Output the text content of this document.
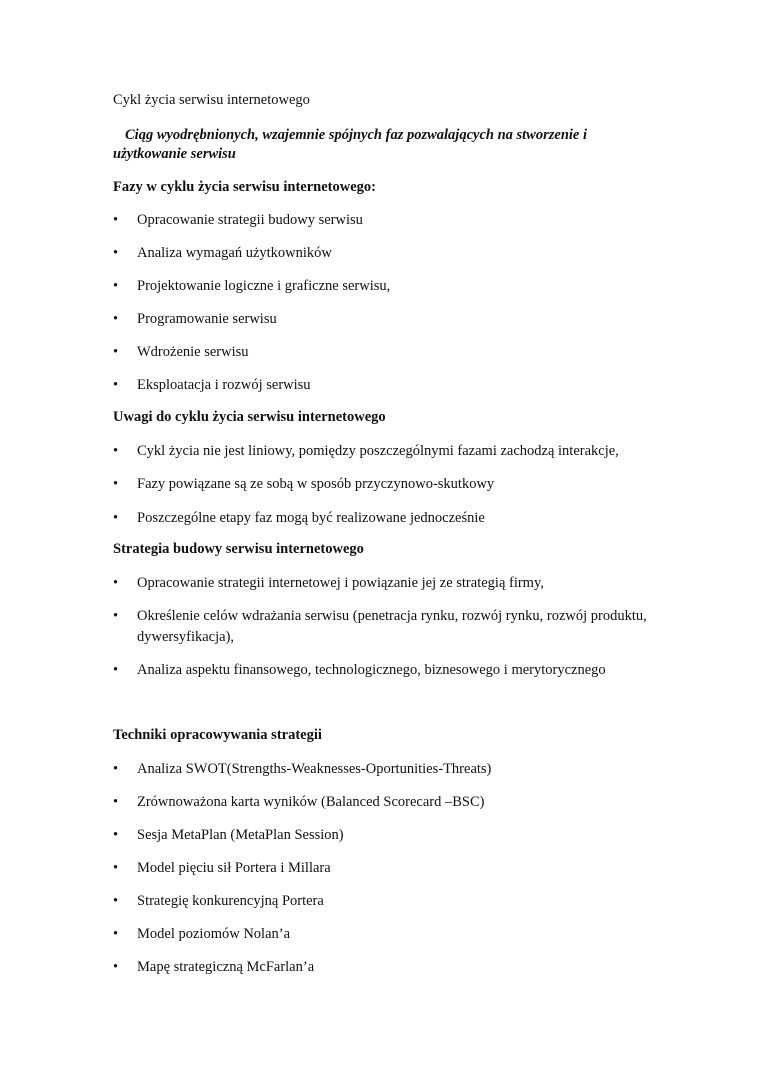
Cykl życia serwisu internetowego
Ciąg wyodrębnionych, wzajemnie spójnych faz pozwalających na stworzenie i użytkowanie serwisu
Fazy w cyklu życia serwisu internetowego:
• Opracowanie strategii budowy serwisu
• Analiza wymagań użytkowników
• Projektowanie logiczne i graficzne serwisu,
• Programowanie serwisu
• Wdrożenie serwisu
• Eksploatacja i rozwój serwisu
Uwagi do cyklu życia serwisu internetowego
• Cykl życia nie jest liniowy, pomiędzy poszczególnymi fazami zachodzą interakcje,
• Fazy powiązane są ze sobą w sposób przyczynowo-skutkowy
• Poszczególne etapy faz mogą być realizowane jednocześnie
Strategia budowy serwisu internetowego
• Opracowanie strategii internetowej i powiązanie jej ze strategią firmy,
• Określenie celów wdrażania serwisu (penetracja rynku, rozwój rynku, rozwój produktu, dywersyfikacja),
• Analiza aspektu finansowego, technologicznego, biznesowego i merytorycznego
Techniki opracowywania strategii
• Analiza SWOT(Strengths-Weaknesses-Oportunities-Threats)
• Zrównoważona karta wyników (Balanced Scorecard –BSC)
• Sesja MetaPlan (MetaPlan Session)
• Model pięciu sił Portera i Millara
• Strategię konkurencyjną Portera
• Model poziomów Nolan’a
• Mapę strategiczną McFarlan’a
